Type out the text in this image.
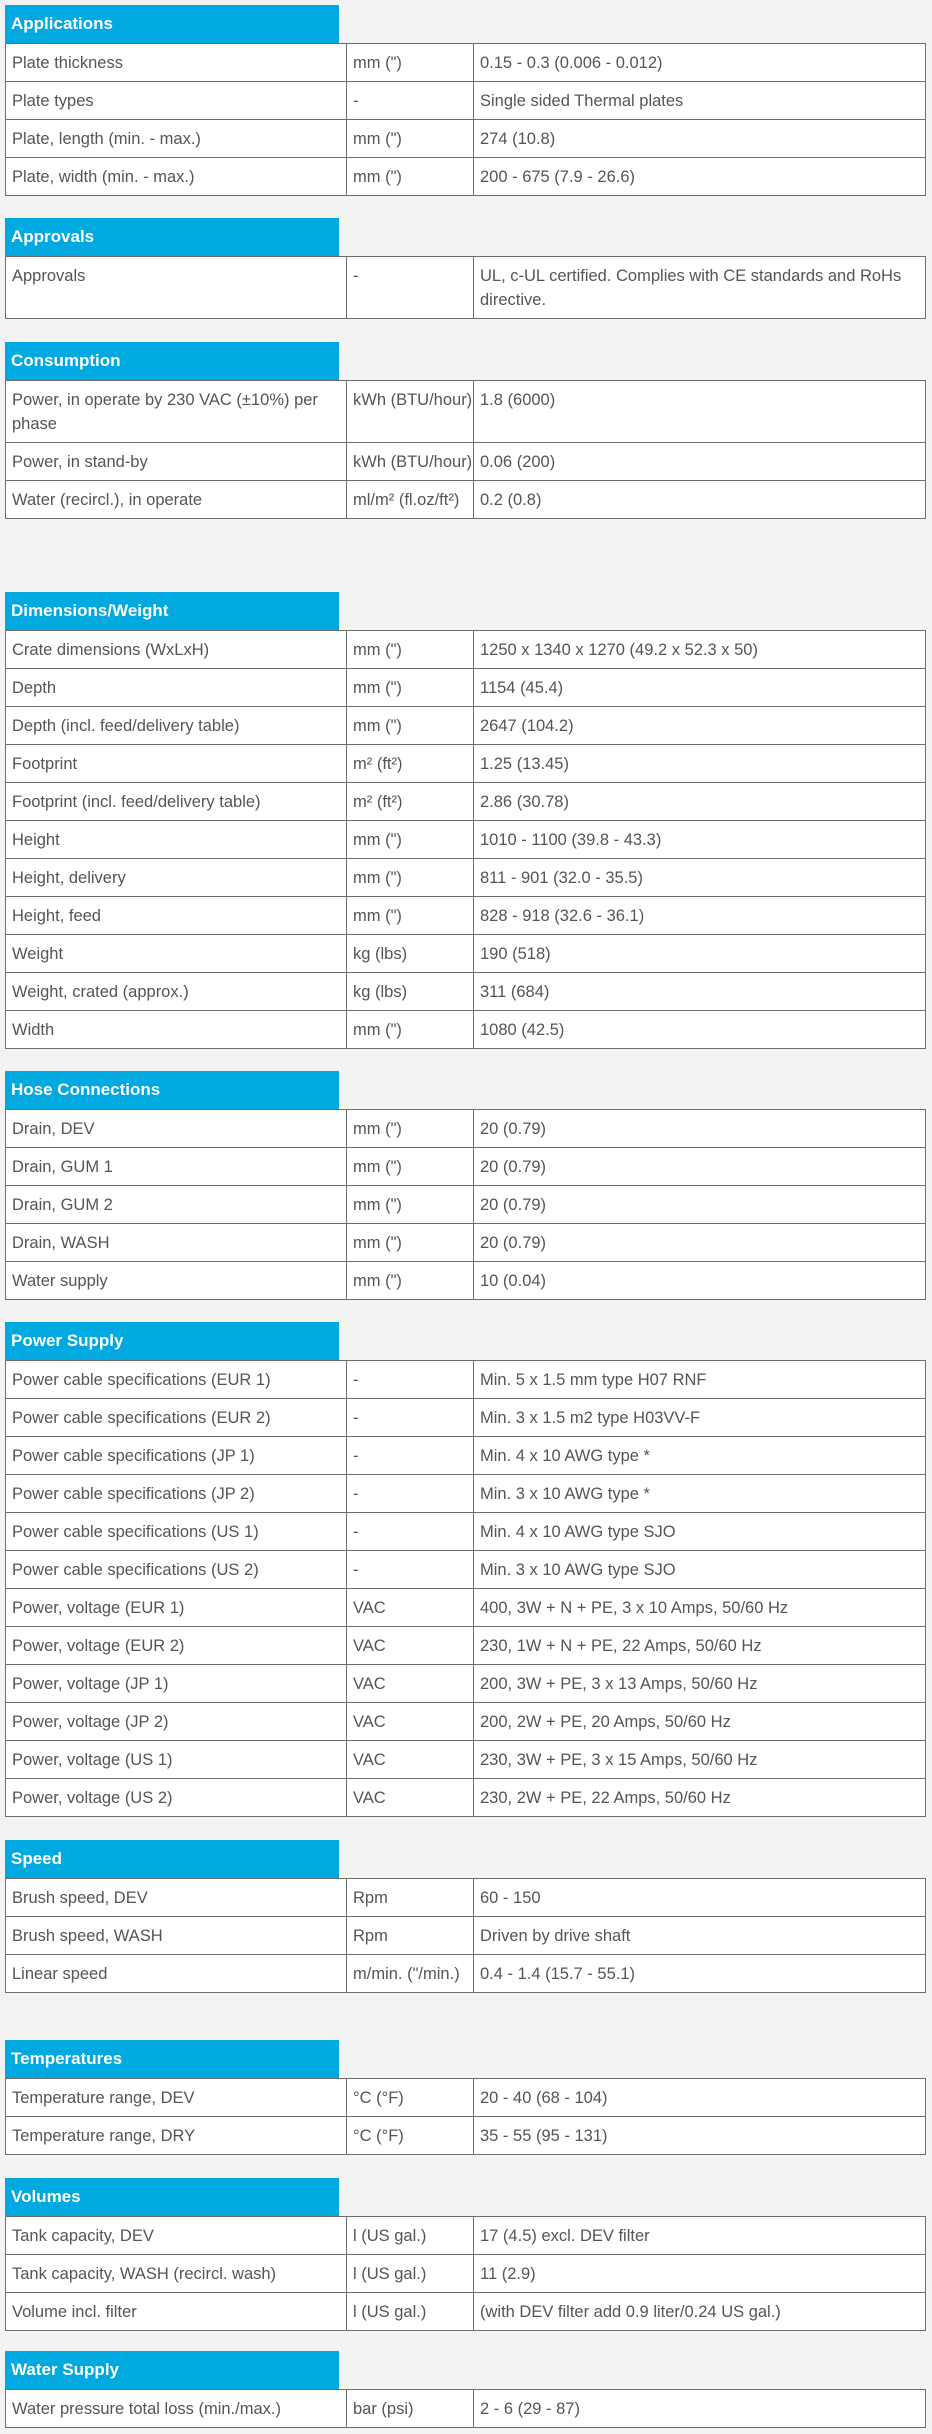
Applications
Plate thickness	mm (")	0.15 - 0.3 (0.006 - 0.012)
Plate types	-	Single sided Thermal plates
Plate, length (min. - max.)	mm (")	274 (10.8)
Plate, width (min. - max.)	mm (")	200 - 675 (7.9 - 26.6)
Approvals
Approvals	-	UL, c-UL certified. Complies with CE standards and RoHs directive.
Consumption
Power, in operate by 230 VAC (±10%) per phase	kWh (BTU/hour)	1.8 (6000)
Power, in stand-by	kWh (BTU/hour)	0.06 (200)
Water (recircl.), in operate	ml/m² (fl.oz/ft²)	0.2 (0.8)
Dimensions/Weight
Crate dimensions (WxLxH)	mm (")	1250 x 1340 x 1270 (49.2 x 52.3 x 50)
Depth	mm (")	1154 (45.4)
Depth (incl. feed/delivery table)	mm (")	2647 (104.2)
Footprint	m² (ft²)	1.25 (13.45)
Footprint (incl. feed/delivery table)	m² (ft²)	2.86 (30.78)
Height	mm (")	1010 - 1100 (39.8 - 43.3)
Height, delivery	mm (")	811 - 901 (32.0 - 35.5)
Height, feed	mm (")	828 - 918 (32.6 - 36.1)
Weight	kg (lbs)	190 (518)
Weight, crated (approx.)	kg (lbs)	311 (684)
Width	mm (")	1080 (42.5)
Hose Connections
Drain, DEV	mm (")	20 (0.79)
Drain, GUM 1	mm (")	20 (0.79)
Drain, GUM 2	mm (")	20 (0.79)
Drain, WASH	mm (")	20 (0.79)
Water supply	mm (")	10 (0.04)
Power Supply
Power cable specifications (EUR 1)	-	Min. 5 x 1.5 mm type H07 RNF
Power cable specifications (EUR 2)	-	Min. 3 x 1.5 m2 type H03VV-F
Power cable specifications (JP 1)	-	Min. 4 x 10 AWG type *
Power cable specifications (JP 2)	-	Min. 3 x 10 AWG type *
Power cable specifications (US 1)	-	Min. 4 x 10 AWG type SJO
Power cable specifications (US 2)	-	Min. 3 x 10 AWG type SJO
Power, voltage (EUR 1)	VAC	400, 3W + N + PE, 3 x 10 Amps, 50/60 Hz
Power, voltage (EUR 2)	VAC	230, 1W + N + PE, 22 Amps, 50/60 Hz
Power, voltage (JP 1)	VAC	200, 3W + PE, 3 x 13 Amps, 50/60 Hz
Power, voltage (JP 2)	VAC	200, 2W + PE, 20 Amps, 50/60 Hz
Power, voltage (US 1)	VAC	230, 3W + PE, 3 x 15 Amps, 50/60 Hz
Power, voltage (US 2)	VAC	230, 2W + PE, 22 Amps, 50/60 Hz
Speed
Brush speed, DEV	Rpm	60 - 150
Brush speed, WASH	Rpm	Driven by drive shaft
Linear speed	m/min. ("/min.)	0.4 - 1.4 (15.7 - 55.1)
Temperatures
Temperature range, DEV	°C (°F)	20 - 40 (68 - 104)
Temperature range, DRY	°C (°F)	35 - 55 (95 - 131)
Volumes
Tank capacity, DEV	l (US gal.)	17 (4.5) excl. DEV filter
Tank capacity, WASH (recircl. wash)	l (US gal.)	11 (2.9)
Volume incl. filter	l (US gal.)	(with DEV filter add 0.9 liter/0.24 US gal.)
Water Supply
Water pressure total loss (min./max.)	bar (psi)	2 - 6 (29 - 87)
